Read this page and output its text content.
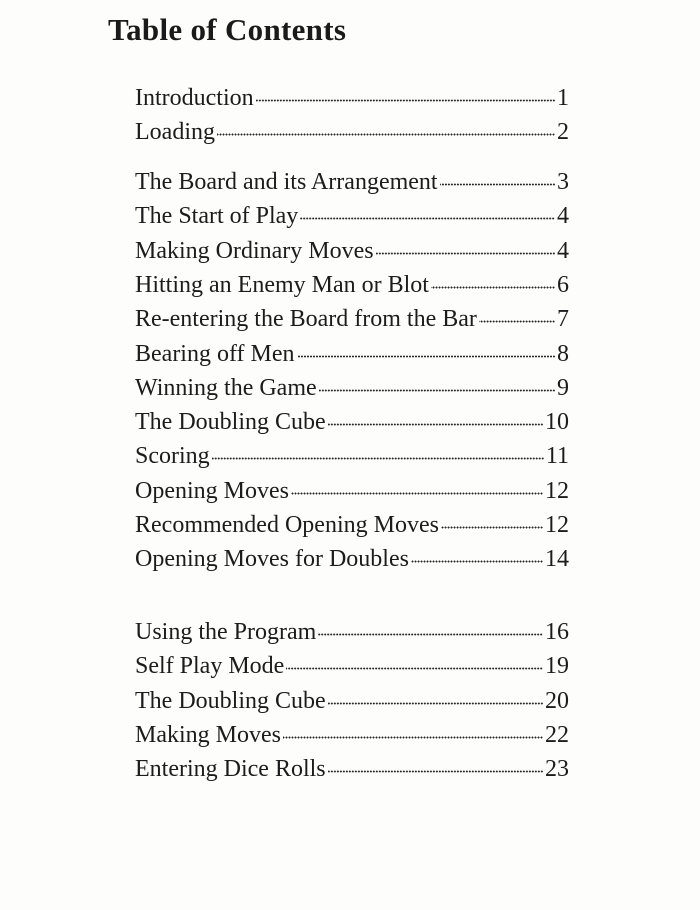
Table of Contents
Introduction	1
Loading	2
The Board and its Arrangement	3
The Start of Play	4
Making Ordinary Moves	4
Hitting an Enemy Man or Blot	6
Re-entering the Board from the Bar	7
Bearing off Men	8
Winning the Game	9
The Doubling Cube	10
Scoring	11
Opening Moves	12
Recommended Opening Moves	12
Opening Moves for Doubles	14
Using the Program	16
Self Play Mode	19
The Doubling Cube	20
Making Moves	22
Entering Dice Rolls	23
